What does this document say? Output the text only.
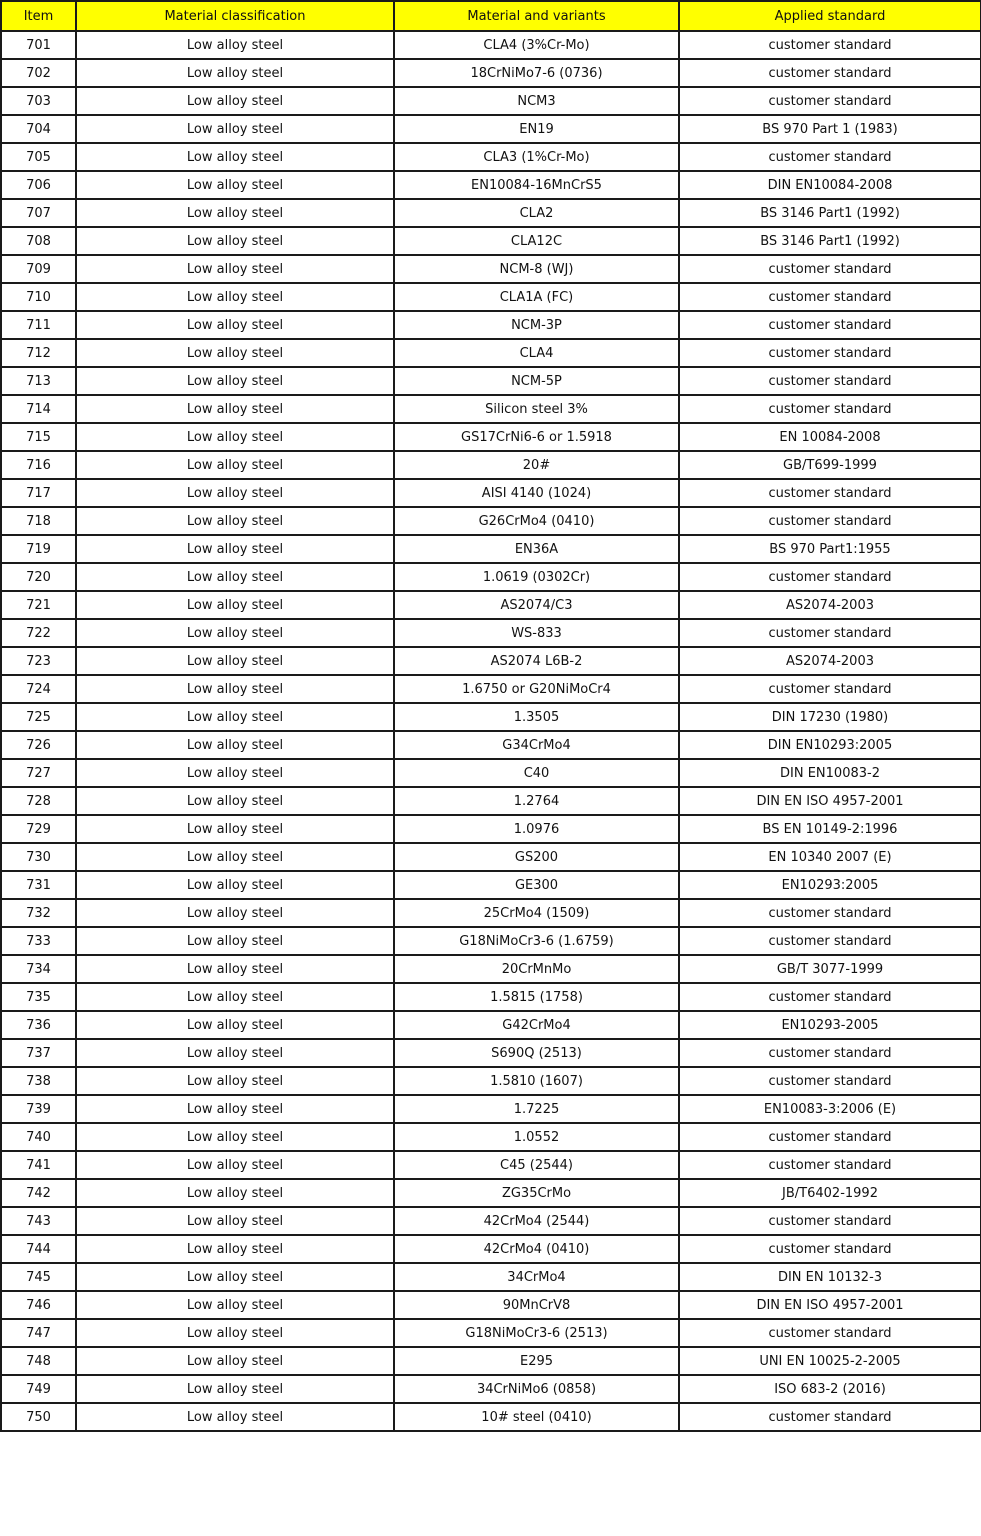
Item	Material classification	Material and variants	Applied standard
701	Low alloy steel	CLA4 (3%Cr-Mo)	customer standard
702	Low alloy steel	18CrNiMo7-6 (0736)	customer standard
703	Low alloy steel	NCM3	customer standard
704	Low alloy steel	EN19	BS 970 Part 1 (1983)
705	Low alloy steel	CLA3 (1%Cr-Mo)	customer standard
706	Low alloy steel	EN10084-16MnCrS5	DIN EN10084-2008
707	Low alloy steel	CLA2	BS 3146 Part1 (1992)
708	Low alloy steel	CLA12C	BS 3146 Part1 (1992)
709	Low alloy steel	NCM-8 (WJ)	customer standard
710	Low alloy steel	CLA1A (FC)	customer standard
711	Low alloy steel	NCM-3P	customer standard
712	Low alloy steel	CLA4	customer standard
713	Low alloy steel	NCM-5P	customer standard
714	Low alloy steel	Silicon steel 3%	customer standard
715	Low alloy steel	GS17CrNi6-6 or 1.5918	EN 10084-2008
716	Low alloy steel	20#	GB/T699-1999
717	Low alloy steel	AISI 4140 (1024)	customer standard
718	Low alloy steel	G26CrMo4 (0410)	customer standard
719	Low alloy steel	EN36A	BS 970 Part1:1955
720	Low alloy steel	1.0619 (0302Cr)	customer standard
721	Low alloy steel	AS2074/C3	AS2074-2003
722	Low alloy steel	WS-833	customer standard
723	Low alloy steel	AS2074 L6B-2	AS2074-2003
724	Low alloy steel	1.6750 or G20NiMoCr4	customer standard
725	Low alloy steel	1.3505	DIN 17230 (1980)
726	Low alloy steel	G34CrMo4	DIN EN10293:2005
727	Low alloy steel	C40	DIN EN10083-2
728	Low alloy steel	1.2764	DIN EN ISO 4957-2001
729	Low alloy steel	1.0976	BS EN 10149-2:1996
730	Low alloy steel	GS200	EN 10340 2007 (E)
731	Low alloy steel	GE300	EN10293:2005
732	Low alloy steel	25CrMo4 (1509)	customer standard
733	Low alloy steel	G18NiMoCr3-6 (1.6759)	customer standard
734	Low alloy steel	20CrMnMo	GB/T 3077-1999
735	Low alloy steel	1.5815 (1758)	customer standard
736	Low alloy steel	G42CrMo4	EN10293-2005
737	Low alloy steel	S690Q (2513)	customer standard
738	Low alloy steel	1.5810 (1607)	customer standard
739	Low alloy steel	1.7225	EN10083-3:2006 (E)
740	Low alloy steel	1.0552	customer standard
741	Low alloy steel	C45 (2544)	customer standard
742	Low alloy steel	ZG35CrMo	JB/T6402-1992
743	Low alloy steel	42CrMo4 (2544)	customer standard
744	Low alloy steel	42CrMo4 (0410)	customer standard
745	Low alloy steel	34CrMo4	DIN EN 10132-3
746	Low alloy steel	90MnCrV8	DIN EN ISO 4957-2001
747	Low alloy steel	G18NiMoCr3-6 (2513)	customer standard
748	Low alloy steel	E295	UNI EN 10025-2-2005
749	Low alloy steel	34CrNiMo6 (0858)	ISO 683-2 (2016)
750	Low alloy steel	10# steel (0410)	customer standard
